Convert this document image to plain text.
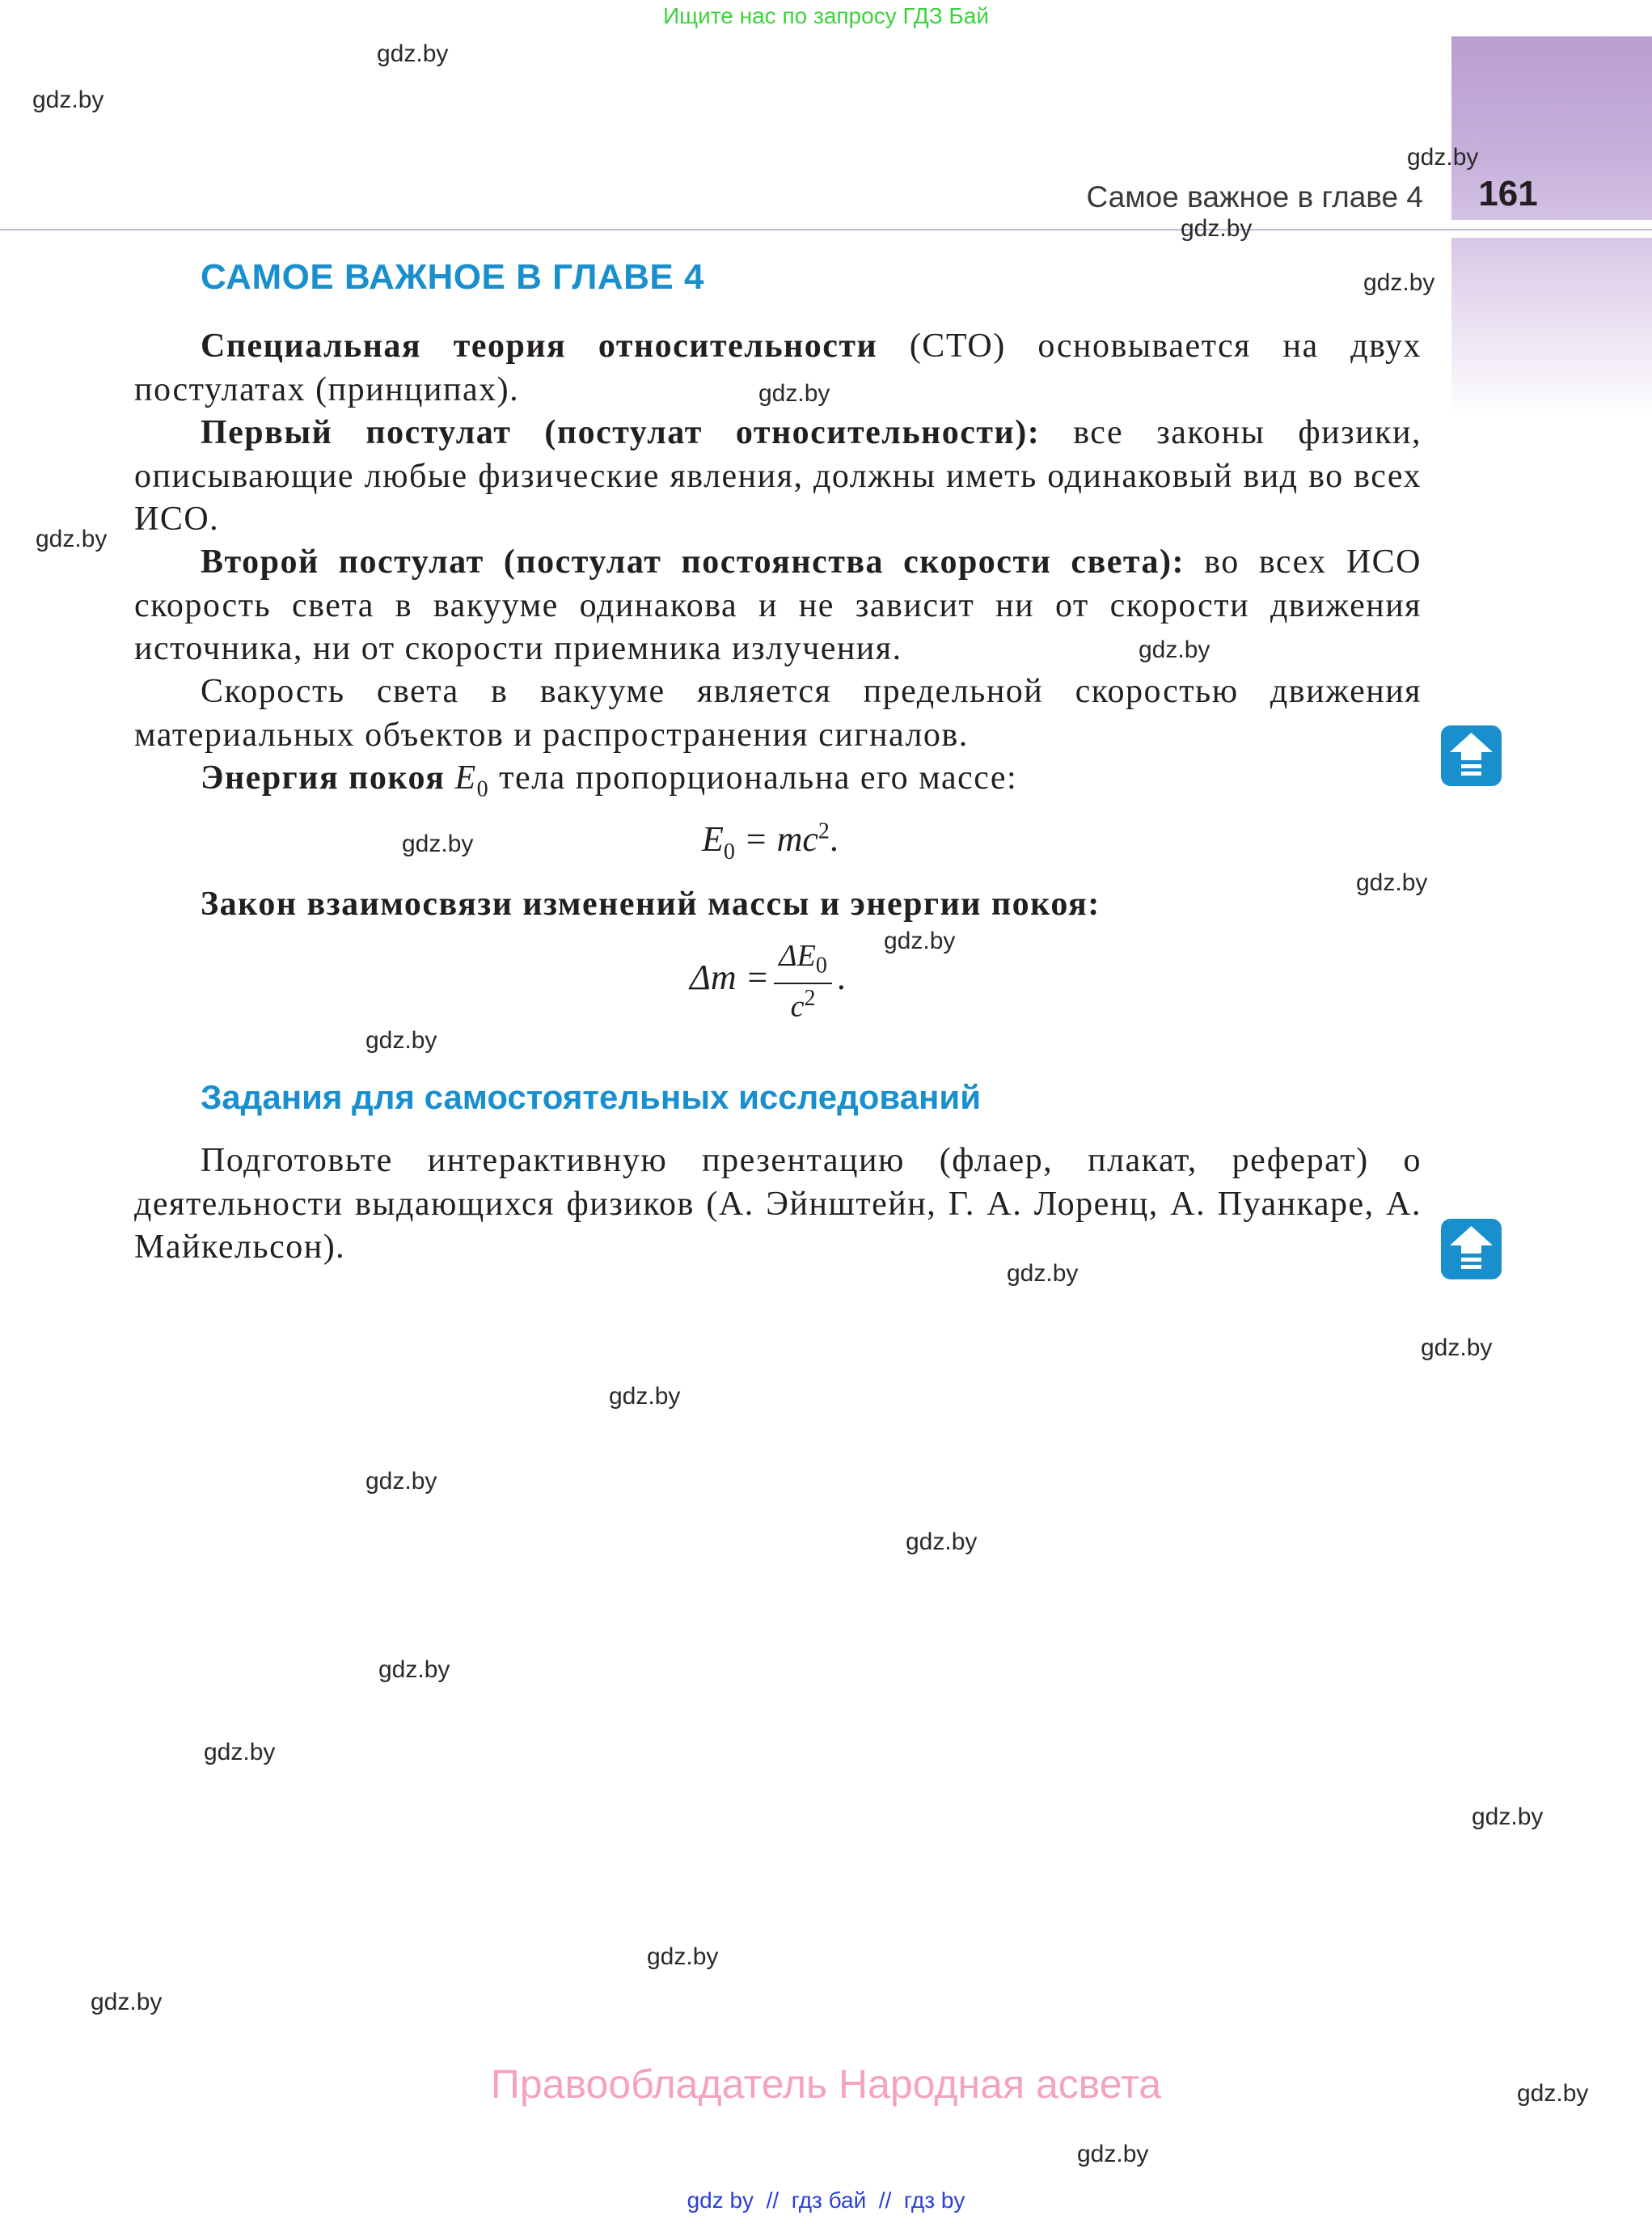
Ищите нас по запросу ГДЗ Бай
161
Самое важное в главе 4
САМОЕ ВАЖНОЕ В ГЛАВЕ 4
Специальная теория относительности (СТО) основывается на двух постулатах (принципах).
Первый постулат (постулат относительности): все законы физики, описывающие любые физические явления, должны иметь одинаковый вид во всех ИСО.
Второй постулат (постулат постоянства скорости света): во всех ИСО скорость света в вакууме одинакова и не зависит ни от скорости движения источника, ни от скорости приемника излучения.
Скорость света в вакууме является предельной скоростью движения материальных объектов и распространения сигналов.
Энергия покоя $E_0$ тела пропорциональна его массе:
$E_0 = mc^2$.
Закон взаимосвязи изменений массы и энергии покоя:
$\Delta m = \frac{\Delta E_0}{c^2}$ .
Задания для самостоятельных исследований
Подготовьте интерактивную презентацию (флаер, плакат, реферат) о деятельности выдающихся физиков (А. Эйнштейн, Г. А. Лоренц, А. Пуанкаре, А. Майкельсон).
gdz.by
gdz.by
gdz.by
gdz.by
gdz.by
gdz.by
gdz.by
gdz.by
gdz.by
gdz.by
gdz.by
gdz.by
gdz.by
gdz.by
gdz.by
gdz.by
gdz.by
gdz.by
gdz.by
gdz.by
gdz.by
gdz.by
gdz.by
gdz.by
Правообладатель Народная асвета
gdz by  //  гдз бай  //  гдз by
